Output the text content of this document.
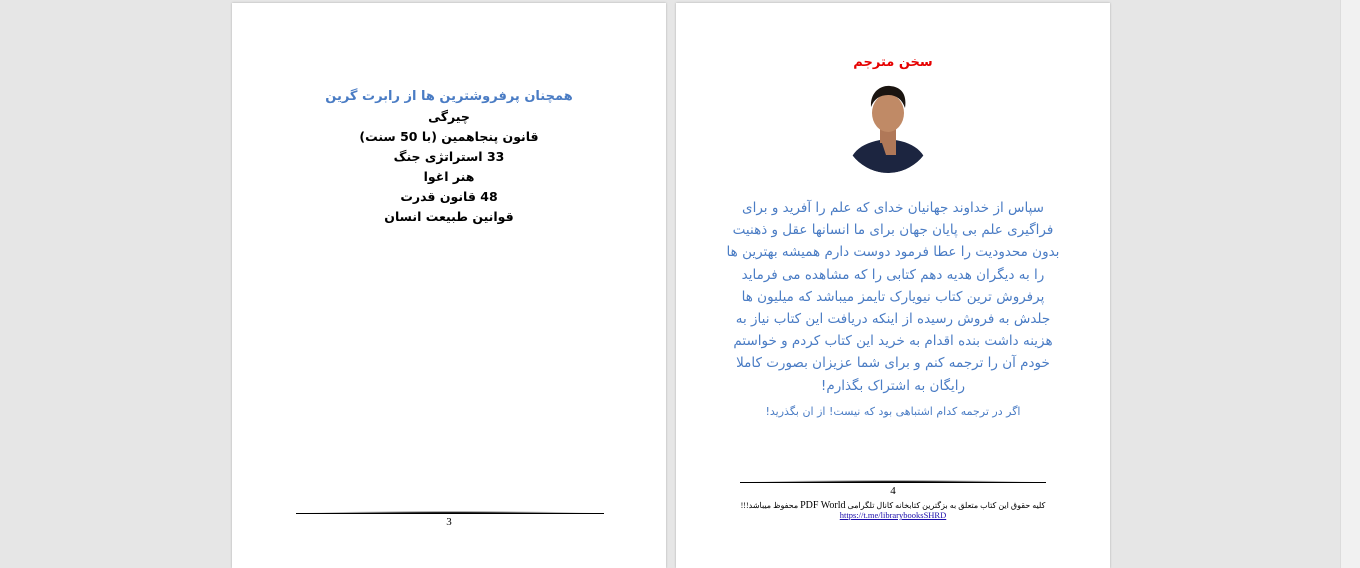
همچنان پرفروشترین ها از رابرت گرین
چیرگی
قانون پنجاهمین (با 50 سنت)
33 استراتژی جنگ
هنر اغوا
48 قانون قدرت
قوانین طبیعت انسان
3
سخن مترجم
سپاس از خداوند جهانیان خدای که علم را آفرید و برای
فراگیری علم بی پایان جهان برای ما انسانها عقل و ذهنیت
بدون محدودیت را عطا فرمود دوست دارم همیشه بهترین ها
را به دیگران هدیه دهم کتابی را که مشاهده می فرماید
پرفروش ترین کتاب نیویارک تایمز میباشد که میلیون ها
جلدش به فروش رسیده از اینکه دریافت این کتاب نیاز به
هزینه داشت بنده اقدام به خرید این کتاب کردم و خواستم
خودم آن را ترجمه کنم و برای شما عزیزان بصورت کاملا
رایگان به اشتراک بگذارم!
اگر در ترجمه کدام اشتباهی بود که نیست! از ان بگذرید!
4
کلیه حقوق این کتاب متعلق به بزگترین کتابخانه کانال تلگرامی PDF World محفوظ میباشد!!!
https://t.me/librarybooksSHRD
